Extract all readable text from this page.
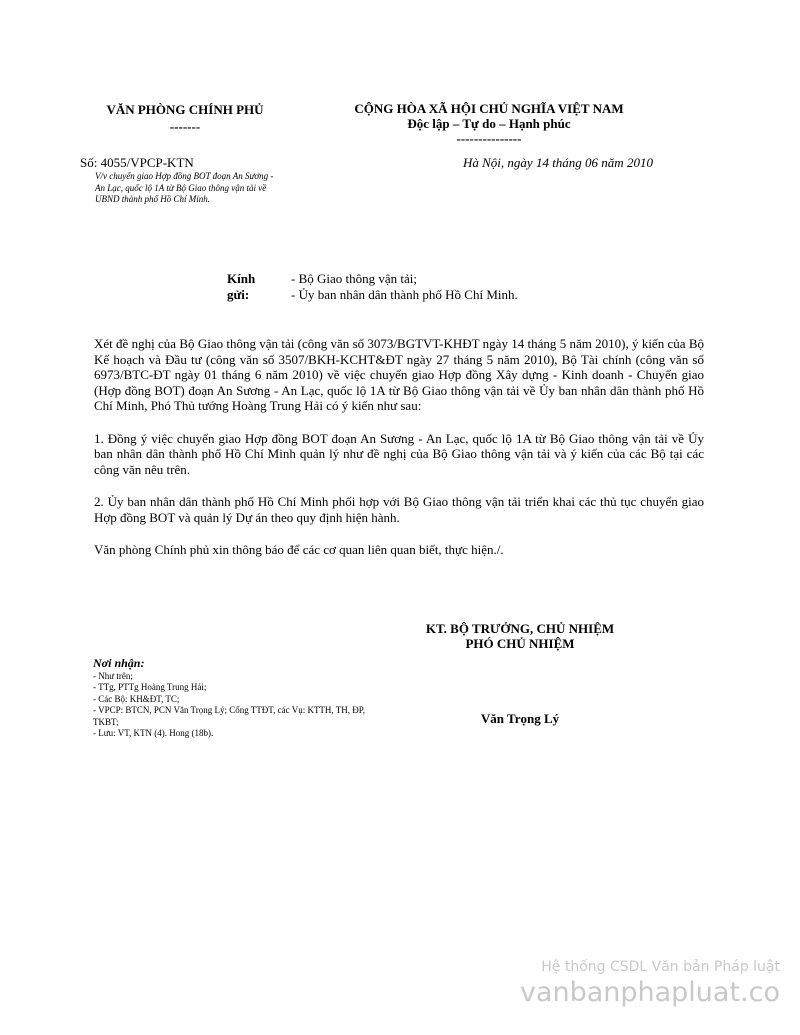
VĂN PHÒNG CHÍNH PHỦ
-------
CỘNG HÒA XÃ HỘI CHỦ NGHĨA VIỆT NAM
Độc lập – Tự do – Hạnh phúc
---------------
Số: 4055/VPCP-KTN
V/v chuyển giao Hợp đồng BOT đoạn An Sương - An Lạc, quốc lộ 1A từ Bộ Giao thông vận tải về UBND thành phố Hồ Chí Minh.
Hà Nội, ngày 14 tháng 06 năm 2010
Kính gửi:
- Bộ Giao thông vận tải;
- Ủy ban nhân dân thành phố Hồ Chí Minh.

Xét đề nghị của Bộ Giao thông vận tải (công văn số 3073/BGTVT-KHĐT ngày 14 tháng 5 năm 2010), ý kiến của Bộ Kế hoạch và Đầu tư (công văn số 3507/BKH-KCHT&ĐT ngày 27 tháng 5 năm 2010), Bộ Tài chính (công văn số 6973/BTC-ĐT ngày 01 tháng 6 năm 2010) về việc chuyển giao Hợp đồng Xây dựng - Kinh doanh - Chuyển giao (Hợp đồng BOT) đoạn An Sương - An Lạc, quốc lộ 1A từ Bộ Giao thông vận tải về Ủy ban nhân dân thành phố Hồ Chí Minh, Phó Thủ tướng Hoàng Trung Hải có ý kiến như sau:

1. Đồng ý việc chuyển giao Hợp đồng BOT đoạn An Sương - An Lạc, quốc lộ 1A từ Bộ Giao thông vận tải về Ủy ban nhân dân thành phố Hồ Chí Minh quản lý như đề nghị của Bộ Giao thông vận tải và ý kiến của các Bộ tại các công văn nêu trên.

2. Ủy ban nhân dân thành phố Hồ Chí Minh phối hợp với Bộ Giao thông vận tải triển khai các thủ tục chuyển giao Hợp đồng BOT và quản lý Dự án theo quy định hiện hành.

Văn phòng Chính phủ xin thông báo để các cơ quan liên quan biết, thực hiện./.

KT. BỘ TRƯỞNG, CHỦ NHIỆM
PHÓ CHỦ NHIỆM
Văn Trọng Lý
Nơi nhận:
- Như trên;
- TTg, PTTg Hoàng Trung Hải;
- Các Bộ: KH&ĐT, TC;
- VPCP: BTCN, PCN Văn Trọng Lý; Cổng TTĐT, các Vụ: KTTH, TH, ĐP, TKBT;
- Lưu: VT, KTN (4). Hong (18b).
Hệ thống CSDL Văn bản Pháp luật
vanbanphapluat.co
